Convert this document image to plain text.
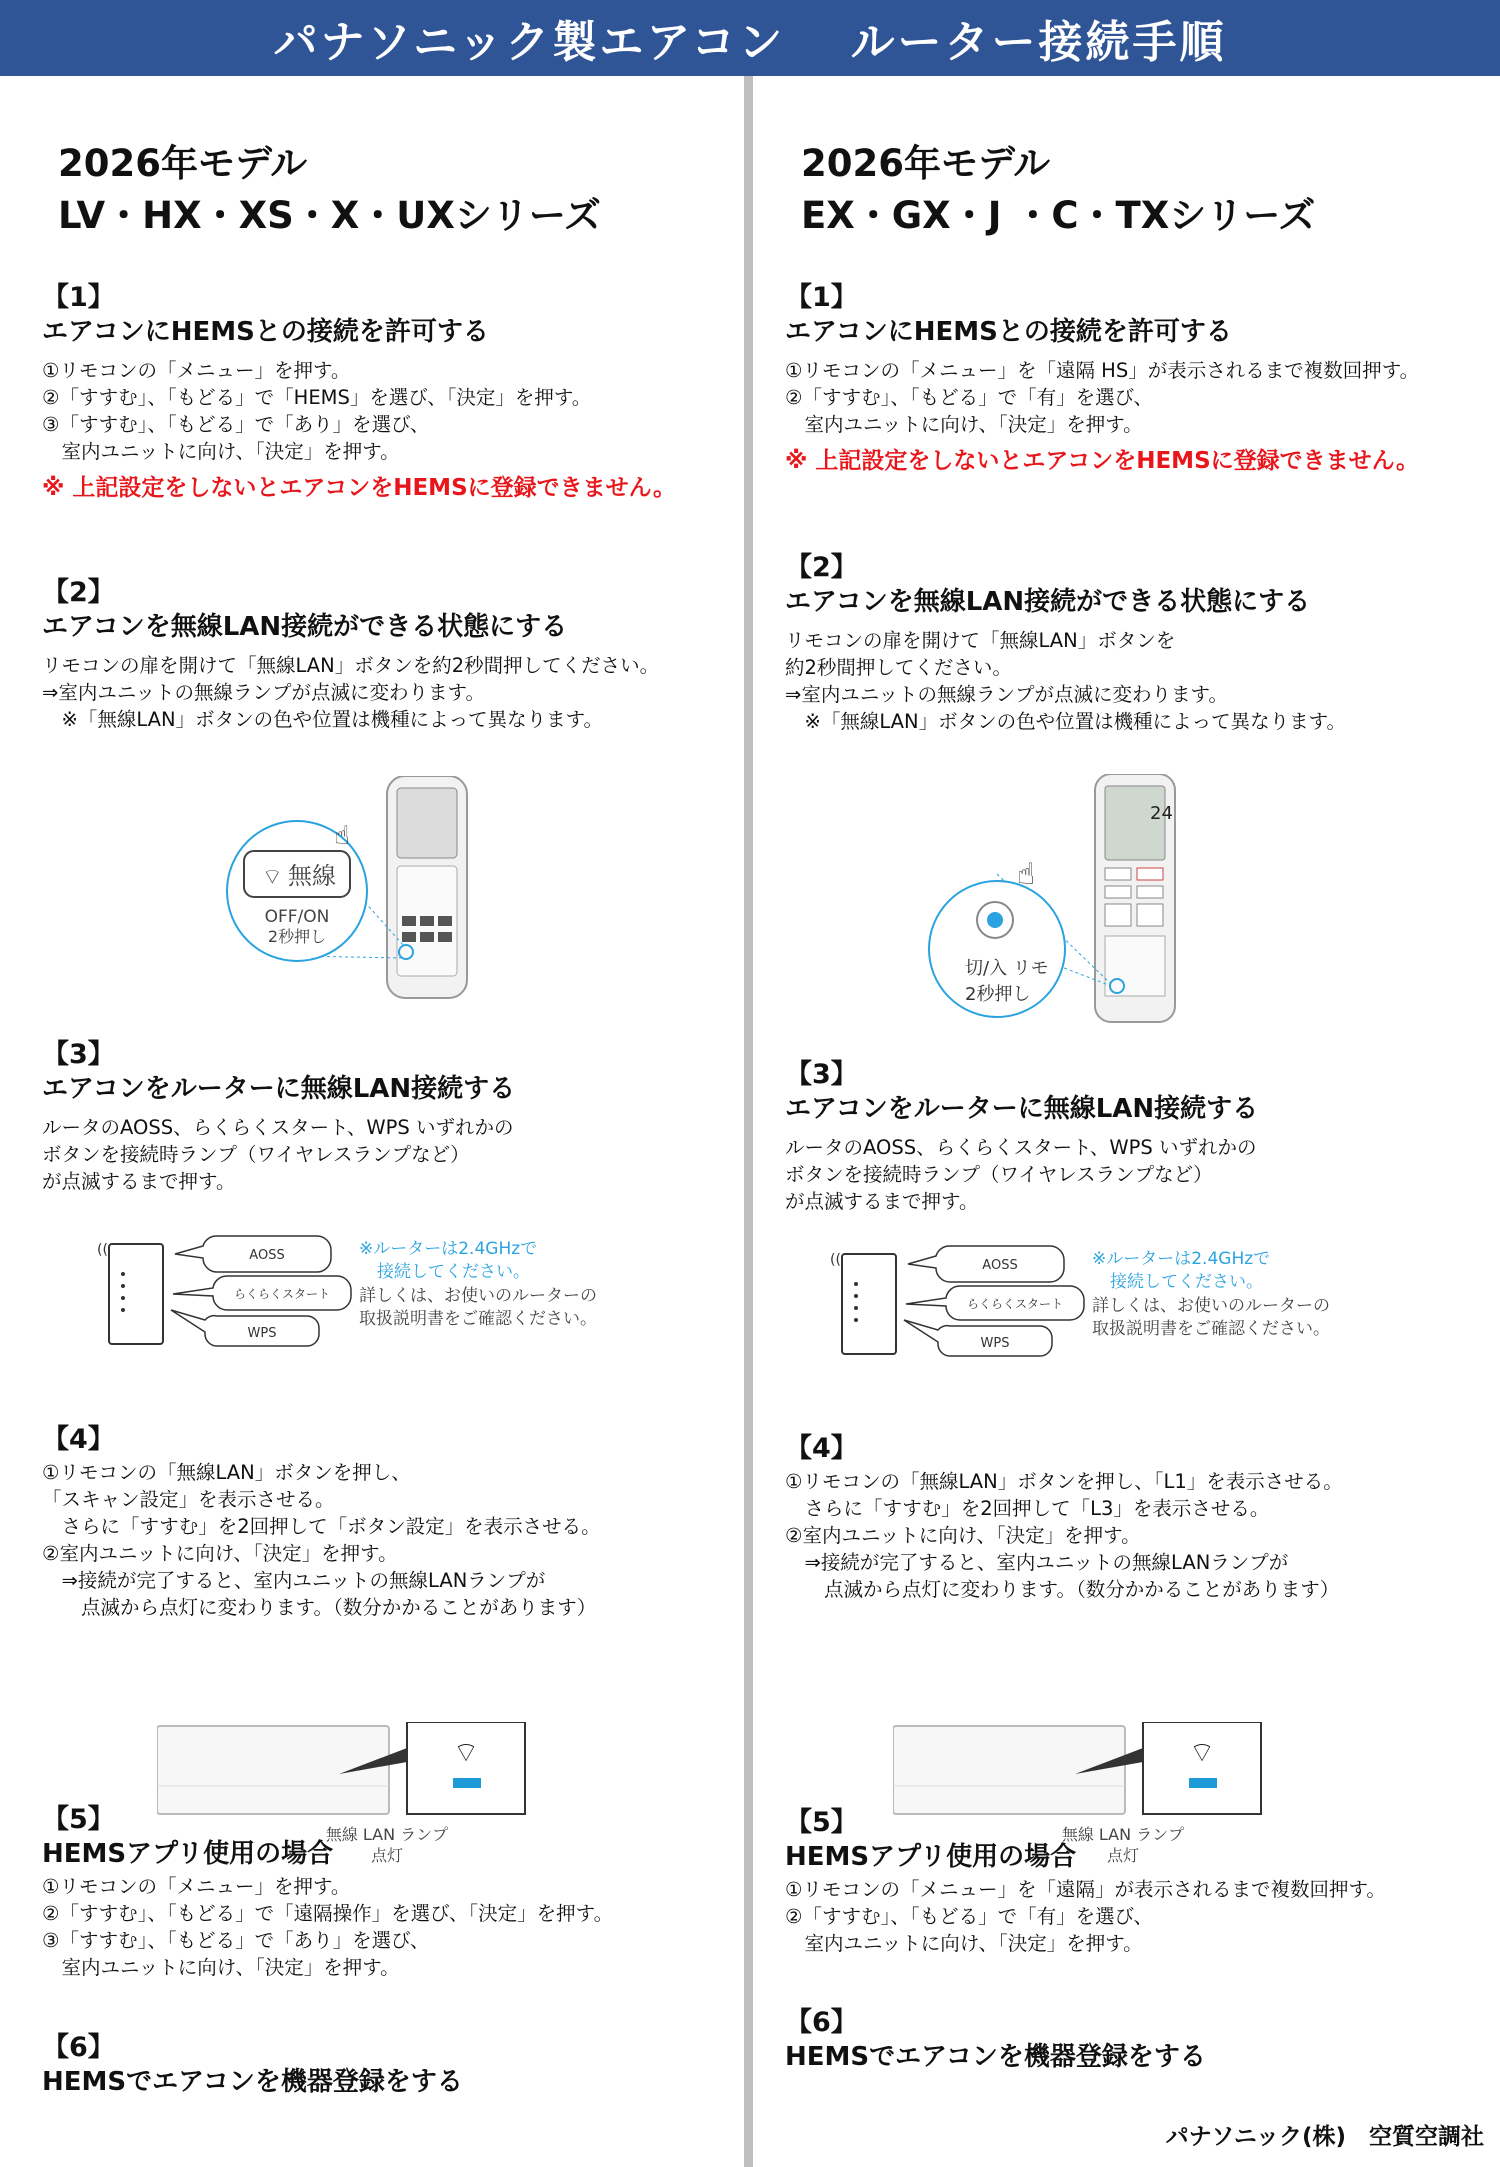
パナソニック製エアコン　 ルーター接続手順
2026年モデル
LV・HX・XS・X・UXシリーズ
【1】
エアコンにHEMSとの接続を許可する
①リモコンの「メニュー」を押す。
②「すすむ」、「もどる」で「HEMS」を選び、「決定」を押す。
③「すすむ」、「もどる」で「あり」を選び、
　室内ユニットに向け、「決定」を押す。
※ 上記設定をしないとエアコンをHEMSに登録できません。
【2】
エアコンを無線LAN接続ができる状態にする
リモコンの扉を開けて「無線LAN」ボタンを約2秒間押してください。
⇒室内ユニットの無線ランプが点滅に変わります。
　※「無線LAN」ボタンの色や位置は機種によって異なります。
⌔ 無線
OFF/ON
2秒押し
☝
【3】
エアコンをルーターに無線LAN接続する
ルータのAOSS、らくらくスタート、WPS いずれかの
ボタンを接続時ランプ（ワイヤレスランプなど）
が点滅するまで押す。
((	AOSS
らくらくスタート
WPS
※ルーターは2.4GHzで
接続してください。
詳しくは、お使いのルーターの
取扱説明書をご確認ください。
【4】
①リモコンの「無線LAN」ボタンを押し、
「スキャン設定」を表示させる。
　さらに「すすむ」を2回押して「ボタン設定」を表示させる。
②室内ユニットに向け、「決定」を押す。
　⇒接続が完了すると、室内ユニットの無線LANランプが
　　点滅から点灯に変わります。（数分かかることがあります）
⌔
無線 LAN ランプ
点灯
【5】
HEMSアプリ使用の場合
①リモコンの「メニュー」を押す。
②「すすむ」、「もどる」で「遠隔操作」を選び、「決定」を押す。
③「すすむ」、「もどる」で「あり」を選び、
　室内ユニットに向け、「決定」を押す。
【6】
HEMSでエアコンを機器登録をする
2026年モデル
EX・GX・J ・C・TXシリーズ
【1】
エアコンにHEMSとの接続を許可する
①リモコンの「メニュー」を「遠隔 HS」が表示されるまで複数回押す。
②「すすむ」、「もどる」で「有」を選び、
　室内ユニットに向け、「決定」を押す。
※ 上記設定をしないとエアコンをHEMSに登録できません。
【2】
エアコンを無線LAN接続ができる状態にする
リモコンの扉を開けて「無線LAN」ボタンを
約2秒間押してください。
⇒室内ユニットの無線ランプが点滅に変わります。
　※「無線LAN」ボタンの色や位置は機種によって異なります。
24
☝
切/入 リモ
2秒押し
【3】
エアコンをルーターに無線LAN接続する
ルータのAOSS、らくらくスタート、WPS いずれかの
ボタンを接続時ランプ（ワイヤレスランプなど）
が点滅するまで押す。
((	AOSS
らくらくスタート
WPS
※ルーターは2.4GHzで
接続してください。
詳しくは、お使いのルーターの
取扱説明書をご確認ください。
【4】
①リモコンの「無線LAN」ボタンを押し、「L1」を表示させる。
　さらに「すすむ」を2回押して「L3」を表示させる。
②室内ユニットに向け、「決定」を押す。
　⇒接続が完了すると、室内ユニットの無線LANランプが
　　点滅から点灯に変わります。（数分かかることがあります）
⌔
無線 LAN ランプ
点灯
【5】
HEMSアプリ使用の場合
①リモコンの「メニュー」を「遠隔」が表示されるまで複数回押す。
②「すすむ」、「もどる」で「有」を選び、
　室内ユニットに向け、「決定」を押す。
【6】
HEMSでエアコンを機器登録をする
パナソニック(株)　空質空調社
